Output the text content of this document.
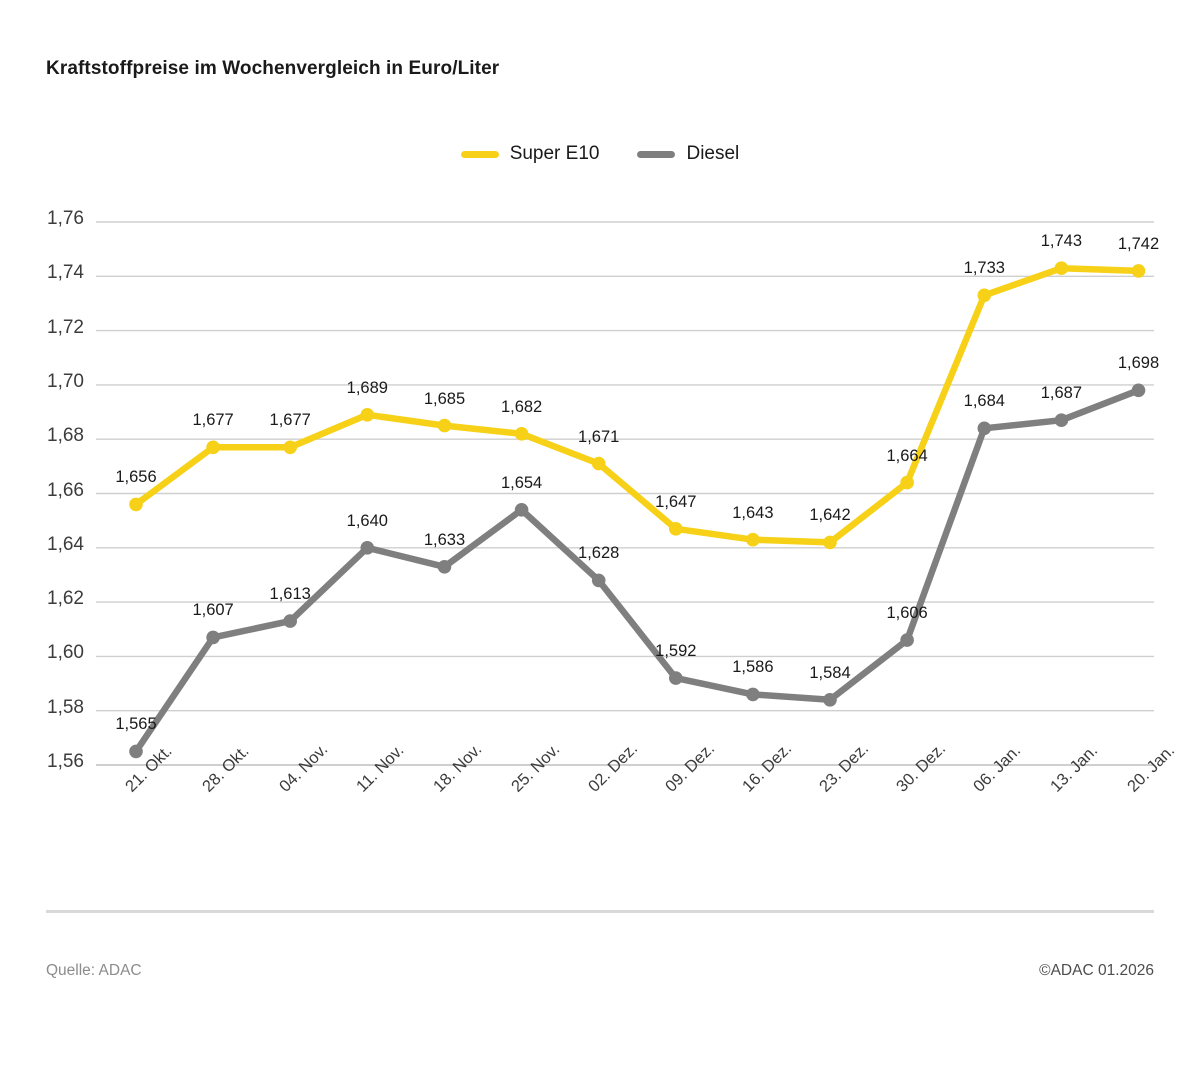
Kraftstoffpreise im Wochenvergleich in Euro/Liter
Super E10	Diesel
1,76
1,74
1,72
1,70
1,68
1,66
1,64
1,62
1,60
1,58
1,56
1,656
1,677 1,677
1,689
1,685 1,682
1,671
1,647
1,643 1,642
1,664
1,733
1,743 1,742
1,565
1,607
1,613
1,640
1,633
1,654
1,628
1,592
1,586 1,584
1,606
1,684 1,687
1,698
21. Okt. 28. Okt. 04. Nov. 11. Nov. 18. Nov. 25. Nov. 02. Dez. 09. Dez. 16. Dez. 23. Dez. 30. Dez. 06. Jan. 13. Jan. 20. Jan.
Quelle: ADAC	©ADAC 01.2026
